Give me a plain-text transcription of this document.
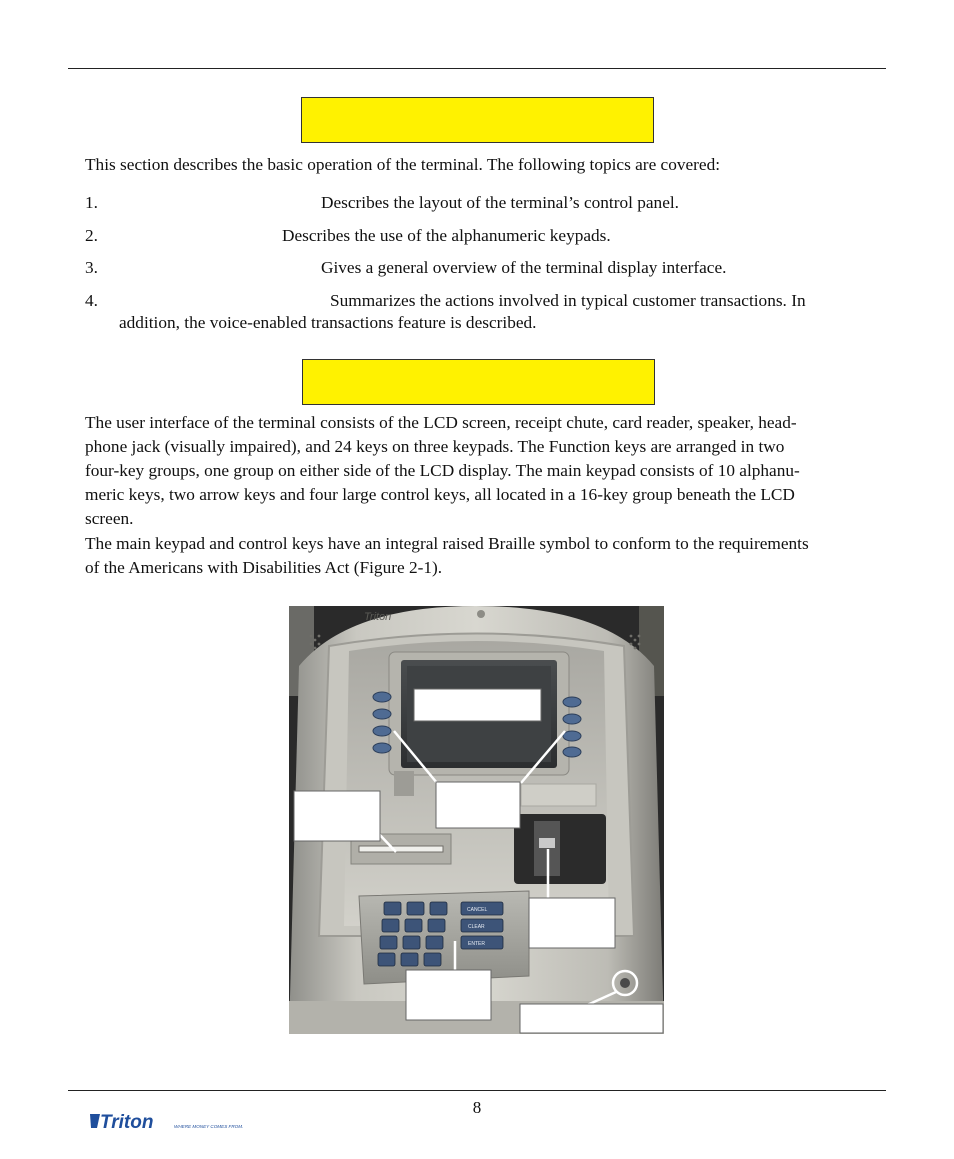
This section describes the basic operation of the terminal. The following topics are covered:
1.	Describes the layout of the terminal’s control panel.
2.	Describes the use of the alphanumeric keypads.
3.	Gives a general overview of the terminal display interface.
4.	Summarizes the actions involved in typical customer transactions. In
addition, the voice-enabled transactions feature is described.
The user interface of the terminal consists of the LCD screen, receipt chute, card reader, speaker, head-
phone jack (visually impaired), and 24 keys on three keypads. The Function keys are arranged in two
four-key groups, one group on either side of the LCD display. The main keypad consists of 10 alphanu-
meric keys, two arrow keys and four large control keys, all located in a 16-key group beneath the LCD
screen.
The main keypad and control keys have an integral raised Braille symbol to conform to the requirements
of the Americans with Disabilities Act (Figure 2-1).
Triton
CANCEL
CLEAR
ENTER
8
Triton	WHERE MONEY COMES FROM.
